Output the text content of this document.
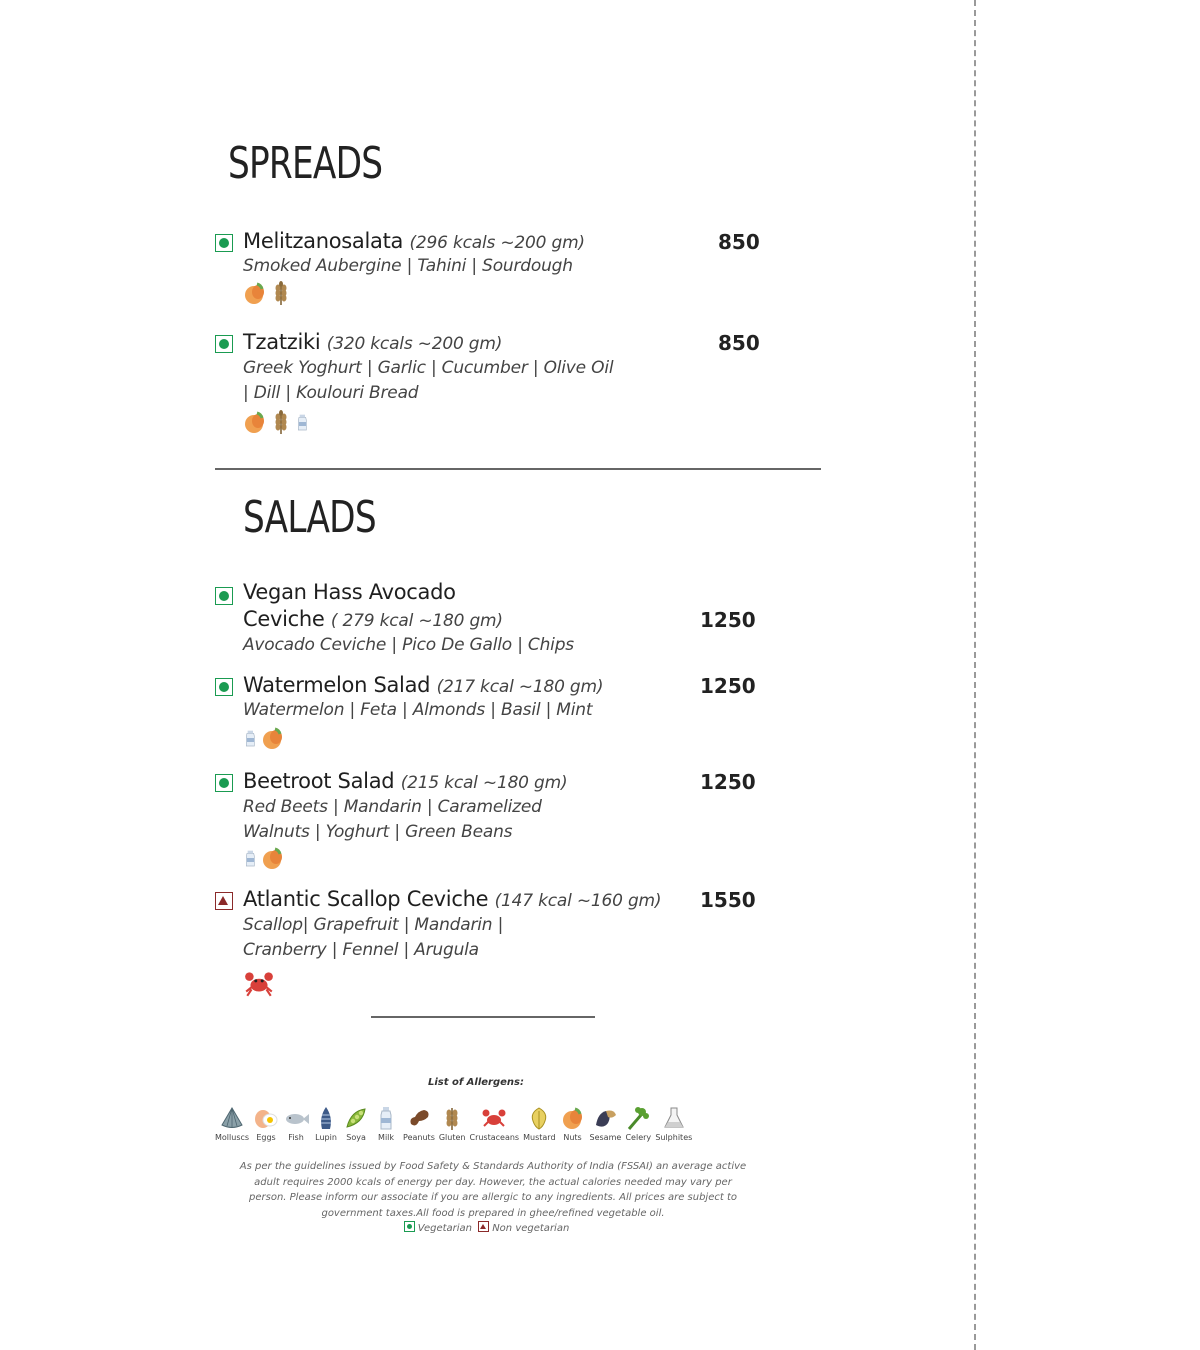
SPREADS
Melitzanosalata (296 kcals ~200 gm)	850
Smoked Aubergine | Tahini | Sourdough
Tzatziki (320 kcals ~200 gm)	850
Greek Yoghurt | Garlic | Cucumber | Olive Oil
| Dill | Koulouri Bread
SALADS
Vegan Hass Avocado
Ceviche ( 279 kcal ~180 gm)	1250
Avocado Ceviche | Pico De Gallo | Chips
Watermelon Salad (217 kcal ~180 gm)	1250
Watermelon | Feta | Almonds | Basil | Mint
Beetroot Salad (215 kcal ~180 gm)	1250
Red Beets | Mandarin | Caramelized
Walnuts | Yoghurt | Green Beans
Atlantic Scallop Ceviche (147 kcal ~160 gm) 1550
Scallop| Grapefruit | Mandarin |
Cranberry | Fennel | Arugula
List of Allergens:
Molluscs Eggs Fish Lupin Soya Milk Peanuts Gluten Crustaceans Mustard Nuts Sesame Celery Sulphites
As per the guidelines issued by Food Safety & Standards Authority of India (FSSAI) an average active
adult requires 2000 kcals of energy per day. However, the actual calories needed may vary per
person. Please inform our associate if you are allergic to any ingredients. All prices are subject to
government taxes.All food is prepared in ghee/refined vegetable oil.
Vegetarian Non vegetarian
